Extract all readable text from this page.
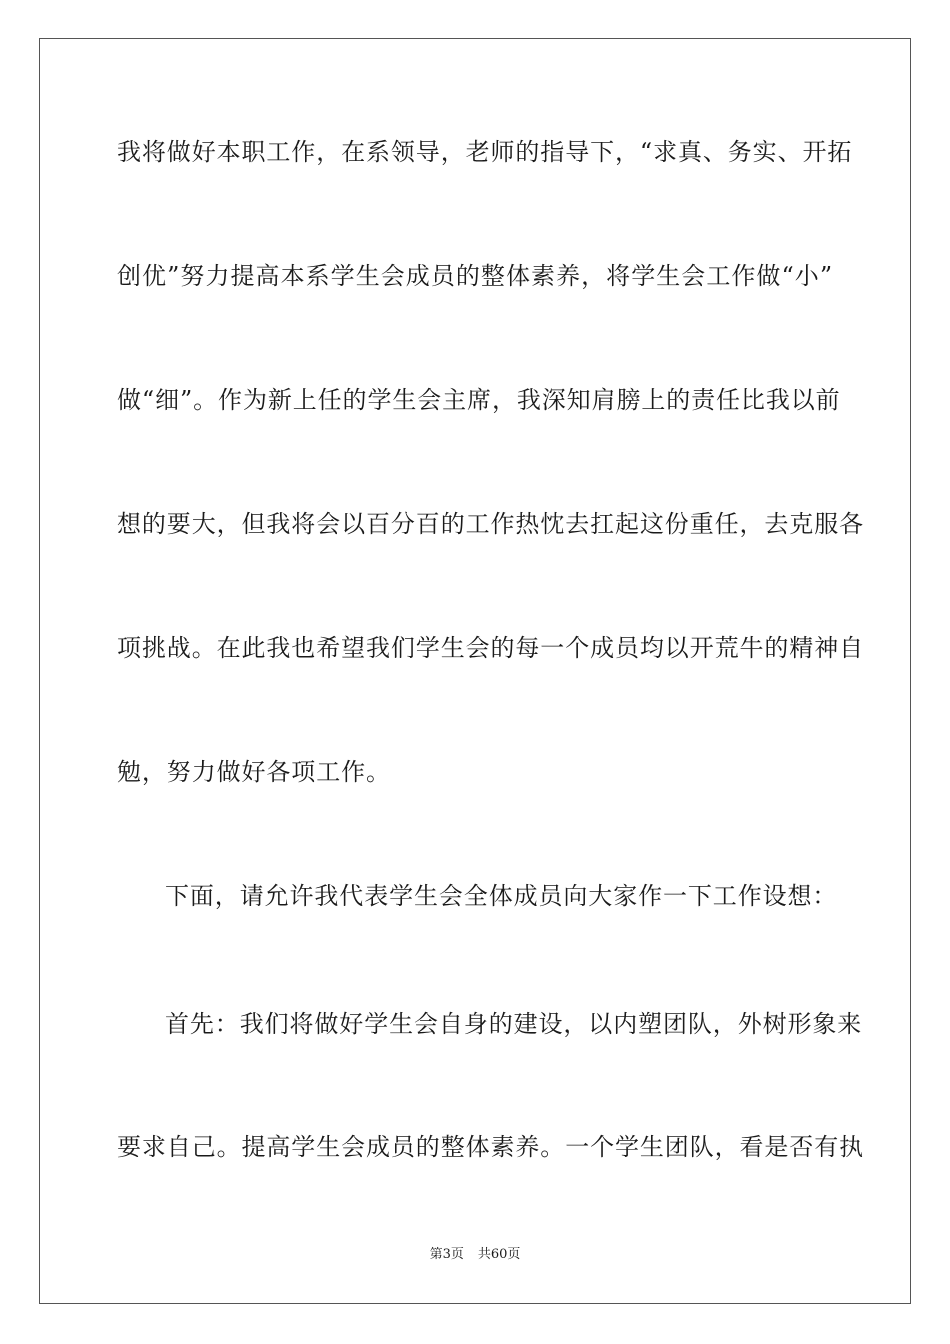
我将做好本职工作，在系领导，老师的指导下，“求真、务实、开拓
创优”努力提高本系学生会成员的整体素养，将学生会工作做“小”
做“细”。作为新上任的学生会主席，我深知肩膀上的责任比我以前
想的要大，但我将会以百分百的工作热忱去扛起这份重任，去克服各
项挑战。在此我也希望我们学生会的每一个成员均以开荒牛的精神自
勉，努力做好各项工作。
下面，请允许我代表学生会全体成员向大家作一下工作设想：
首先：我们将做好学生会自身的建设，以内塑团队，外树形象来
要求自己。提高学生会成员的整体素养。一个学生团队，看是否有执
第3页 共60页
